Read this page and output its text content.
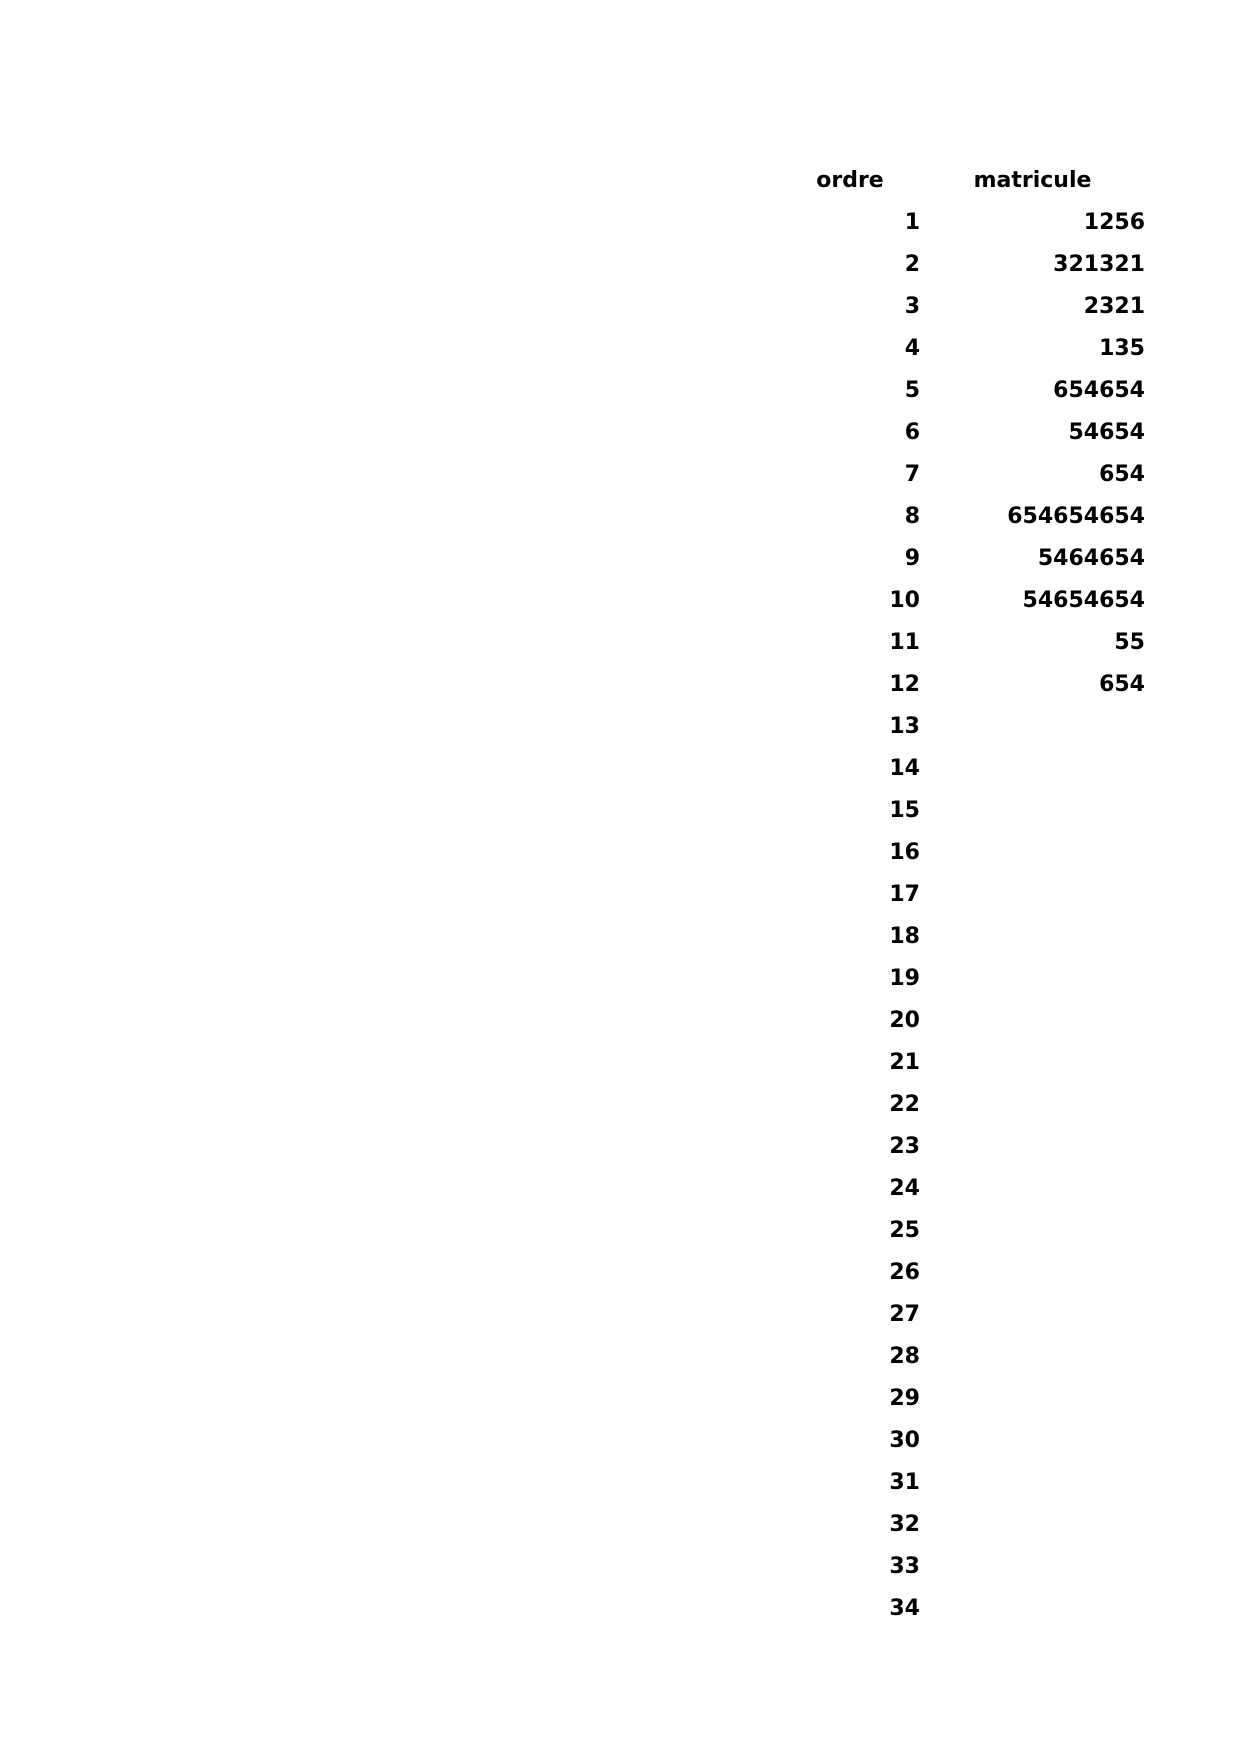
ordre	matricule
1	1256
2	321321
3	2321
4	135
5	654654
6	54654
7	654
8	654654654
9	5464654
10	54654654
11	55
12	654
13	
14	
15	
16	
17	
18	
19	
20	
21	
22	
23	
24	
25	
26	
27	
28	
29	
30	
31	
32	
33	
34	
